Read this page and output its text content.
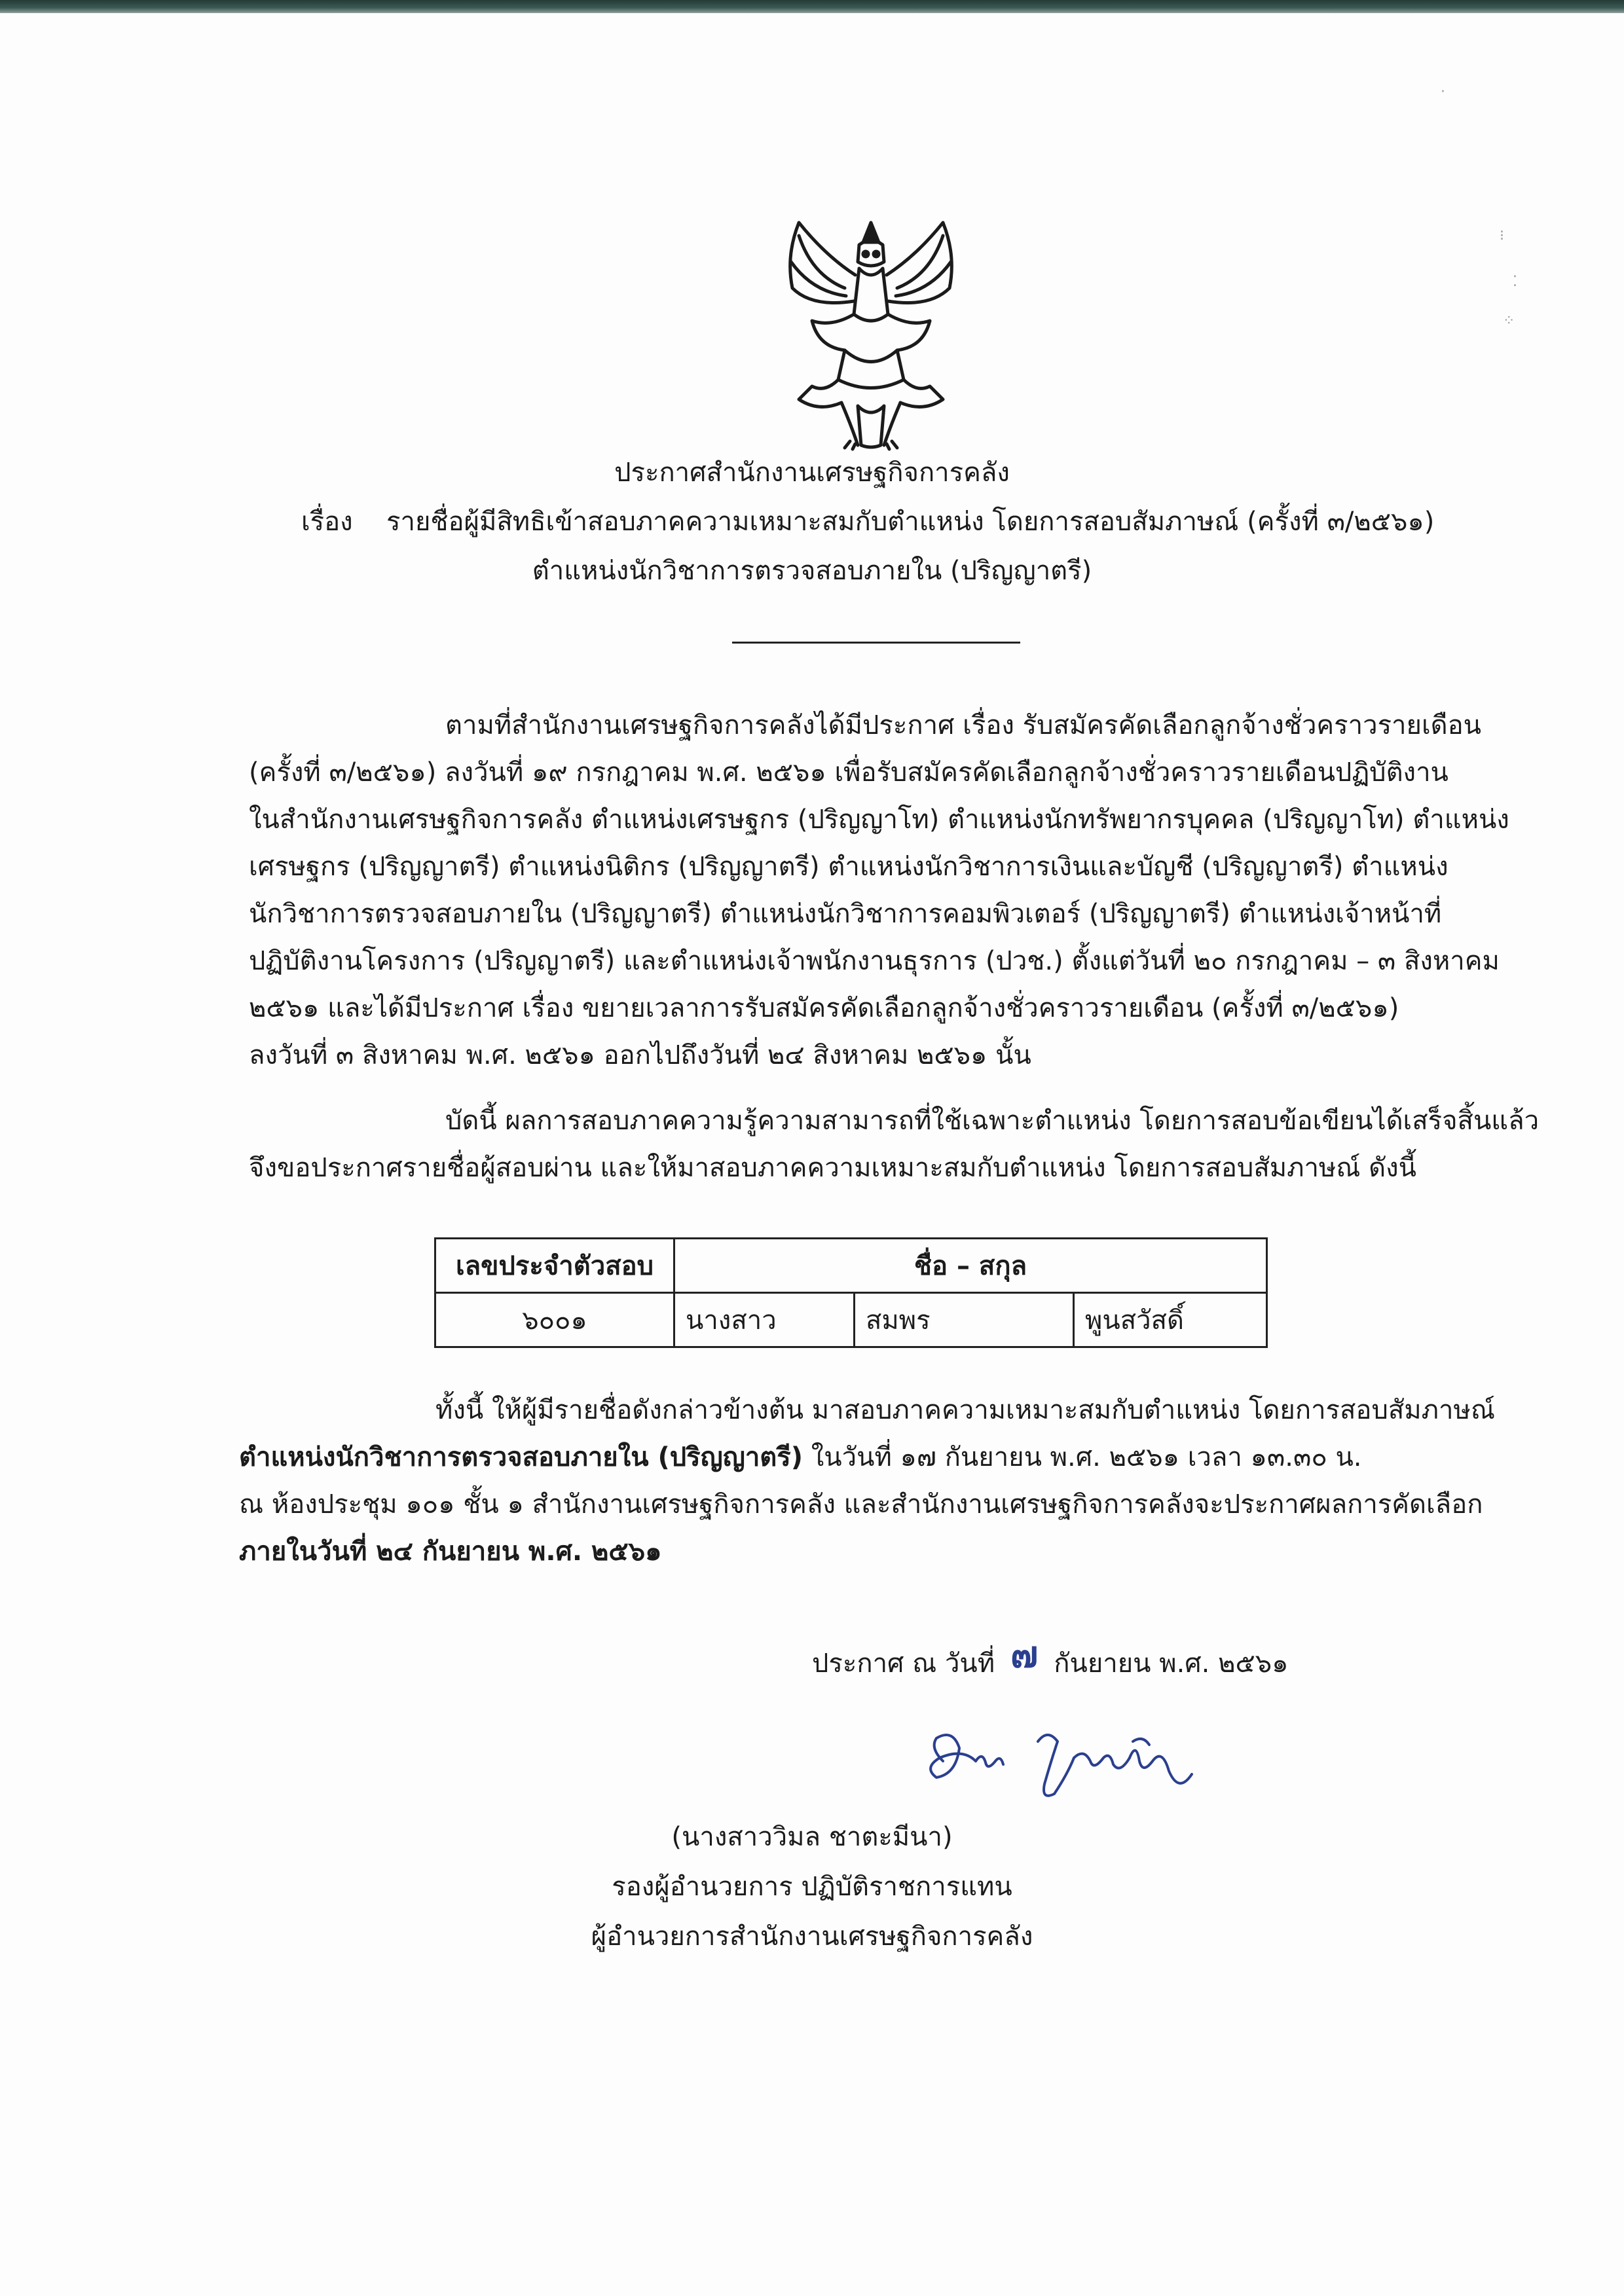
·
⁝
⁚
⁘
ประกาศสำนักงานเศรษฐกิจการคลัง
เรื่อง รายชื่อผู้มีสิทธิเข้าสอบภาคความเหมาะสมกับตำแหน่ง โดยการสอบสัมภาษณ์ (ครั้งที่ ๓/๒๕๖๑)
ตำแหน่งนักวิชาการตรวจสอบภายใน (ปริญญาตรี)
ตามที่สำนักงานเศรษฐกิจการคลังได้มีประกาศ เรื่อง รับสมัครคัดเลือกลูกจ้างชั่วคราวรายเดือน
(ครั้งที่ ๓/๒๕๖๑) ลงวันที่ ๑๙ กรกฎาคม พ.ศ. ๒๕๖๑ เพื่อรับสมัครคัดเลือกลูกจ้างชั่วคราวรายเดือนปฏิบัติงาน
ในสำนักงานเศรษฐกิจการคลัง ตำแหน่งเศรษฐกร (ปริญญาโท) ตำแหน่งนักทรัพยากรบุคคล (ปริญญาโท) ตำแหน่ง
เศรษฐกร (ปริญญาตรี) ตำแหน่งนิติกร (ปริญญาตรี) ตำแหน่งนักวิชาการเงินและบัญชี (ปริญญาตรี) ตำแหน่ง
นักวิชาการตรวจสอบภายใน (ปริญญาตรี) ตำแหน่งนักวิชาการคอมพิวเตอร์ (ปริญญาตรี) ตำแหน่งเจ้าหน้าที่
ปฏิบัติงานโครงการ (ปริญญาตรี) และตำแหน่งเจ้าพนักงานธุรการ (ปวช.) ตั้งแต่วันที่ ๒๐ กรกฎาคม – ๓ สิงหาคม
๒๕๖๑ และได้มีประกาศ เรื่อง ขยายเวลาการรับสมัครคัดเลือกลูกจ้างชั่วคราวรายเดือน (ครั้งที่ ๓/๒๕๖๑)
ลงวันที่ ๓ สิงหาคม พ.ศ. ๒๕๖๑ ออกไปถึงวันที่ ๒๔ สิงหาคม ๒๕๖๑ นั้น
บัดนี้ ผลการสอบภาคความรู้ความสามารถที่ใช้เฉพาะตำแหน่ง โดยการสอบข้อเขียนได้เสร็จสิ้นแล้ว
จึงขอประกาศรายชื่อผู้สอบผ่าน และให้มาสอบภาคความเหมาะสมกับตำแหน่ง โดยการสอบสัมภาษณ์ ดังนี้
เลขประจำตัวสอบ	ชื่อ – สกุล		
๖๐๐๑	นางสาว	สมพร	พูนสวัสดิ์
ทั้งนี้ ให้ผู้มีรายชื่อดังกล่าวข้างต้น มาสอบภาคความเหมาะสมกับตำแหน่ง โดยการสอบสัมภาษณ์
ตำแหน่งนักวิชาการตรวจสอบภายใน (ปริญญาตรี) ในวันที่ ๑๗ กันยายน พ.ศ. ๒๕๖๑ เวลา ๑๓.๓๐ น.
ณ ห้องประชุม ๑๐๑ ชั้น ๑ สำนักงานเศรษฐกิจการคลัง และสำนักงานเศรษฐกิจการคลังจะประกาศผลการคัดเลือก
ภายในวันที่ ๒๔ กันยายน พ.ศ. ๒๕๖๑
ประกาศ ณ วันที่ ๗ กันยายน พ.ศ. ๒๕๖๑
(นางสาววิมล ชาตะมีนา)
รองผู้อำนวยการ ปฏิบัติราชการแทน
ผู้อำนวยการสำนักงานเศรษฐกิจการคลัง
